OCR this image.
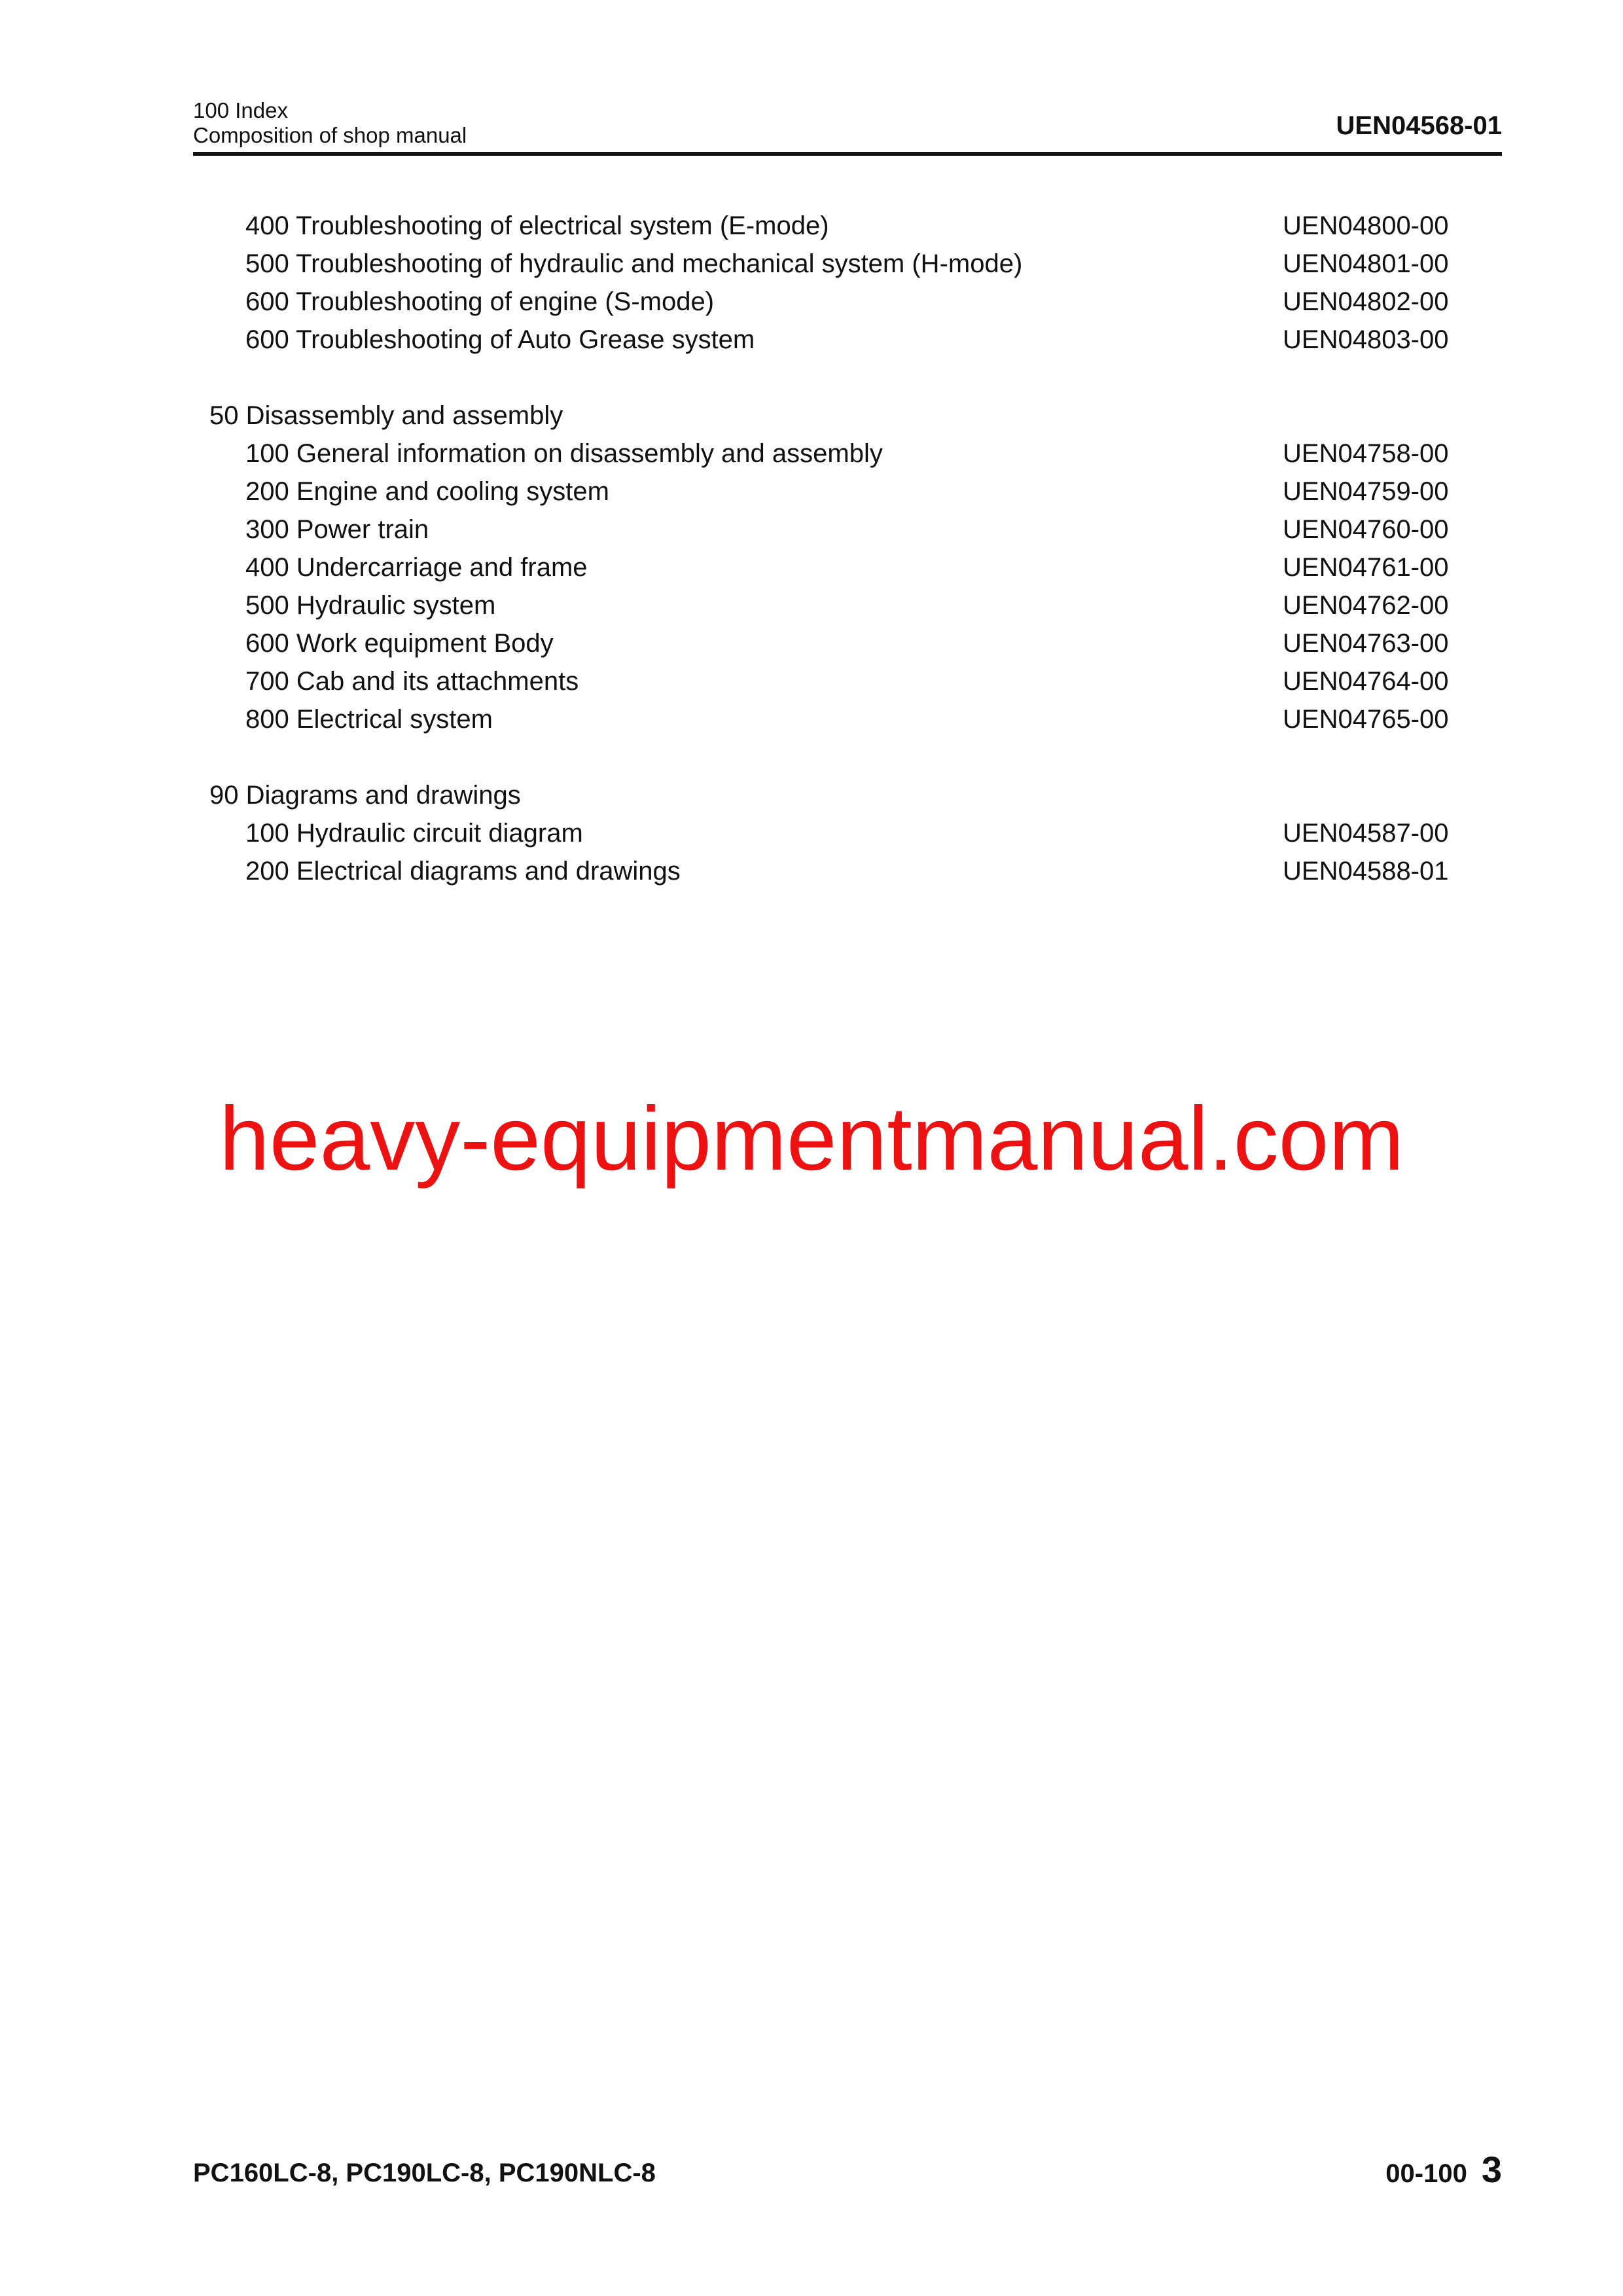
100 Index
Composition of shop manual	UEN04568-01
400 Troubleshooting of electrical system (E-mode)	UEN04800-00
500 Troubleshooting of hydraulic and mechanical system (H-mode)	UEN04801-00
600 Troubleshooting of engine (S-mode)	UEN04802-00
600 Troubleshooting of Auto Grease system	UEN04803-00
50 Disassembly and assembly
100 General information on disassembly and assembly	UEN04758-00
200 Engine and cooling system	UEN04759-00
300 Power train	UEN04760-00
400 Undercarriage and frame	UEN04761-00
500 Hydraulic system	UEN04762-00
600 Work equipment Body	UEN04763-00
700 Cab and its attachments	UEN04764-00
800 Electrical system	UEN04765-00
90 Diagrams and drawings
100 Hydraulic circuit diagram	UEN04587-00
200 Electrical diagrams and drawings	UEN04588-01
heavy-equipmentmanual.com
PC160LC-8, PC190LC-8, PC190NLC-8	00-100 3
